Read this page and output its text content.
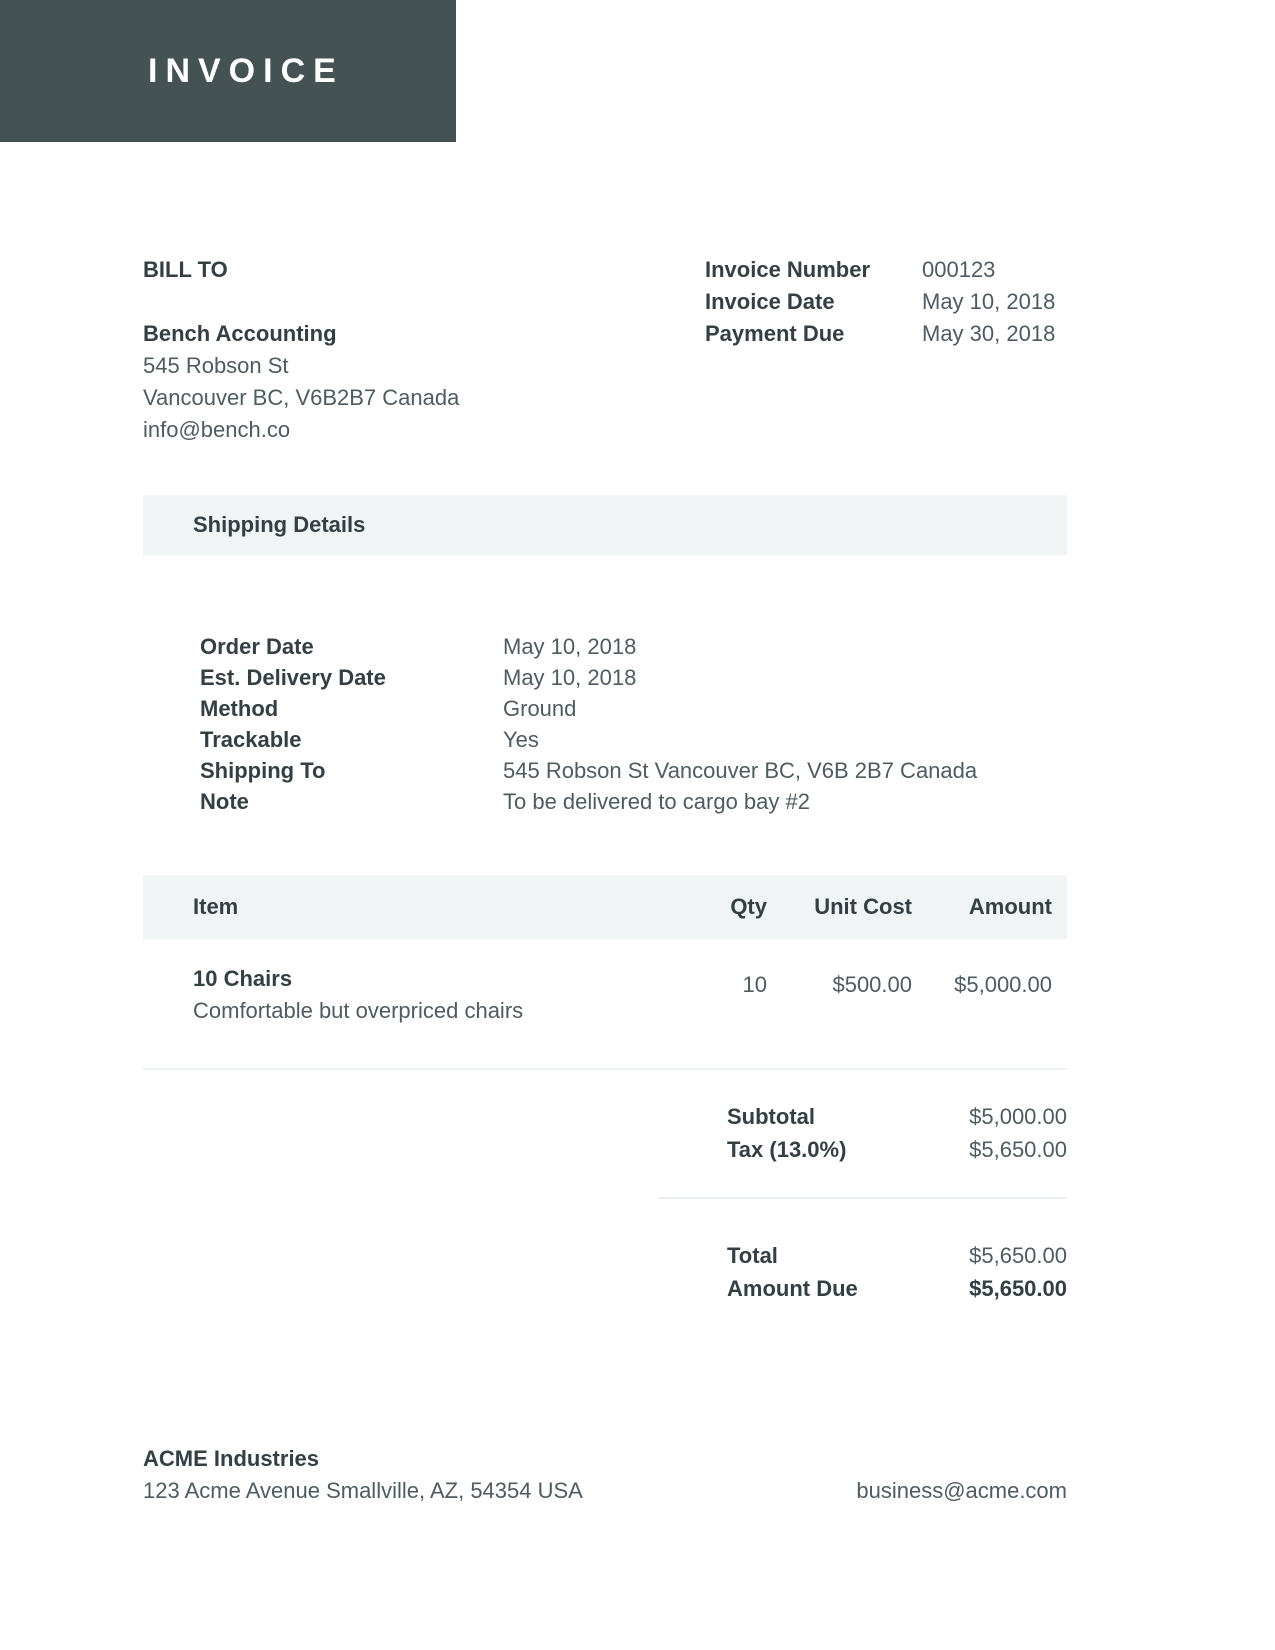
INVOICE
BILL TO
Bench Accounting
545 Robson St
Vancouver BC, V6B2B7 Canada
info@bench.co
Invoice Number	000123
Invoice Date	May 10, 2018
Payment Due	May 30, 2018
Shipping Details
Order Date	May 10, 2018
Est. Delivery Date	May 10, 2018
Method	Ground
Trackable	Yes
Shipping To	545 Robson St Vancouver BC, V6B 2B7 Canada
Note	To be delivered to cargo bay #2
Item	Qty	Unit Cost	Amount
10 Chairs
Comfortable but overpriced chairs
10	$500.00	$5,000.00
Subtotal	$5,000.00
Tax (13.0%)	$5,650.00
Total	$5,650.00
Amount Due	$5,650.00
ACME Industries
123 Acme Avenue Smallville, AZ, 54354 USA	business@acme.com
